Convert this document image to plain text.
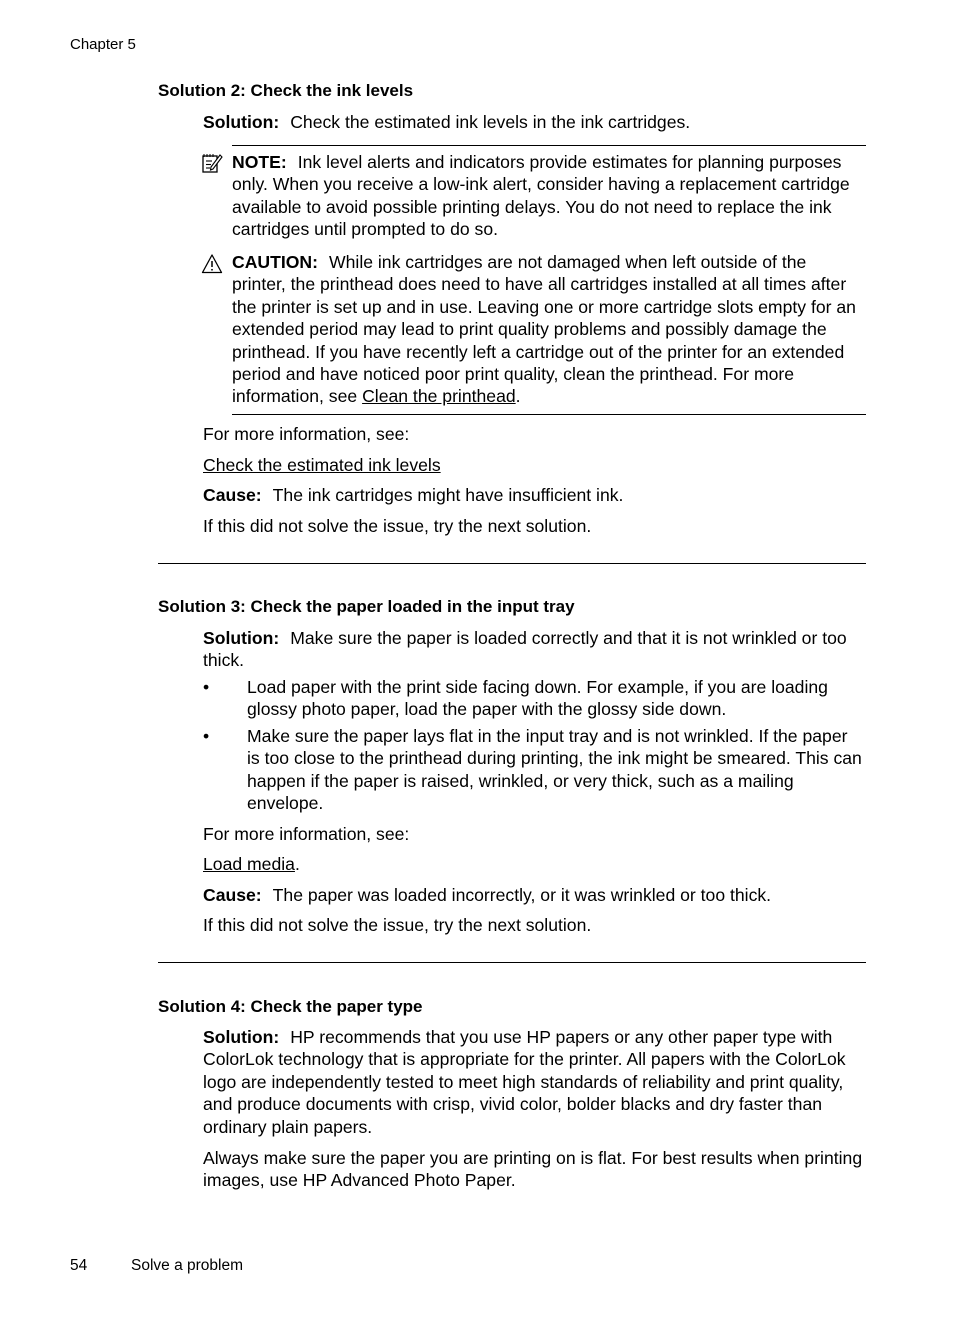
Chapter 5
Solution 2: Check the ink levels
Solution: Check the estimated ink levels in the ink cartridges.
NOTE: Ink level alerts and indicators provide estimates for planning purposes only. When you receive a low-ink alert, consider having a replacement cartridge available to avoid possible printing delays. You do not need to replace the ink cartridges until prompted to do so.
CAUTION: While ink cartridges are not damaged when left outside of the printer, the printhead does need to have all cartridges installed at all times after the printer is set up and in use. Leaving one or more cartridge slots empty for an extended period may lead to print quality problems and possibly damage the printhead. If you have recently left a cartridge out of the printer for an extended period and have noticed poor print quality, clean the printhead. For more information, see Clean the printhead.
For more information, see:
Check the estimated ink levels
Cause: The ink cartridges might have insufficient ink.
If this did not solve the issue, try the next solution.
Solution 3: Check the paper loaded in the input tray
Solution: Make sure the paper is loaded correctly and that it is not wrinkled or too thick.
• Load paper with the print side facing down. For example, if you are loading glossy photo paper, load the paper with the glossy side down.
• Make sure the paper lays flat in the input tray and is not wrinkled. If the paper is too close to the printhead during printing, the ink might be smeared. This can happen if the paper is raised, wrinkled, or very thick, such as a mailing envelope.
For more information, see:
Load media.
Cause: The paper was loaded incorrectly, or it was wrinkled or too thick.
If this did not solve the issue, try the next solution.
Solution 4: Check the paper type
Solution: HP recommends that you use HP papers or any other paper type with ColorLok technology that is appropriate for the printer. All papers with the ColorLok logo are independently tested to meet high standards of reliability and print quality, and produce documents with crisp, vivid color, bolder blacks and dry faster than ordinary plain papers.
Always make sure the paper you are printing on is flat. For best results when printing images, use HP Advanced Photo Paper.
54	Solve a problem
